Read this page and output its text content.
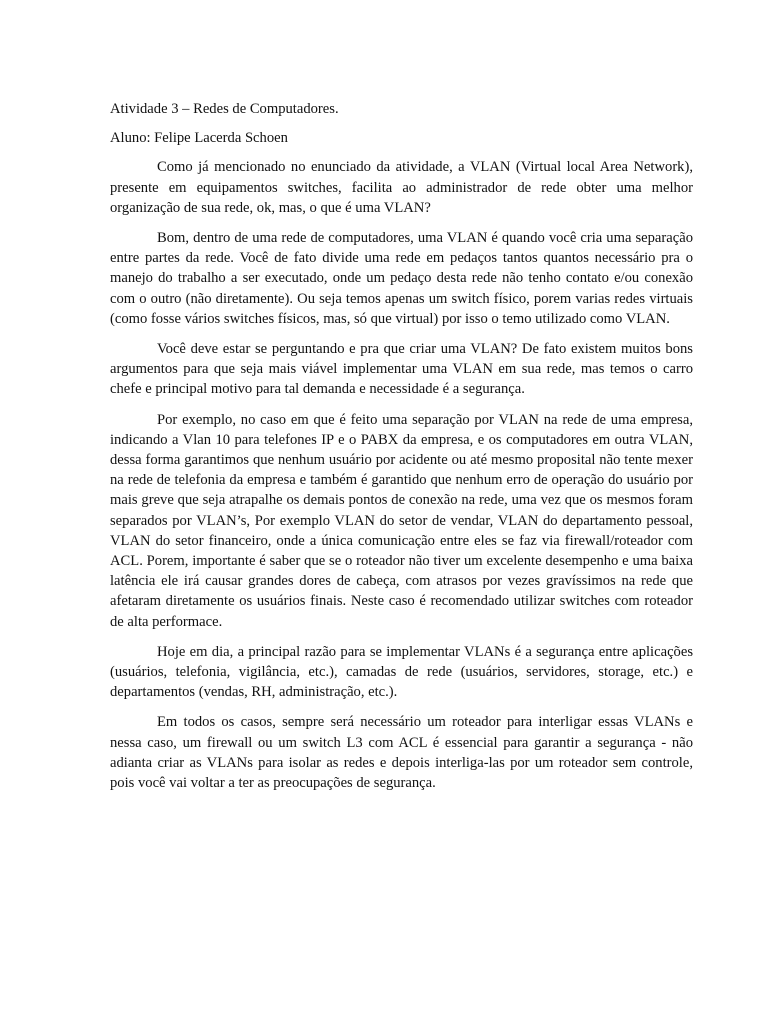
Atividade 3 – Redes de Computadores.
Aluno: Felipe Lacerda Schoen

Como já mencionado no enunciado da atividade, a VLAN (Virtual local Area Network), presente em equipamentos switches, facilita ao administrador de rede obter uma melhor organização de sua rede, ok, mas, o que é uma VLAN?

Bom, dentro de uma rede de computadores, uma VLAN é quando você cria uma separação entre partes da rede. Você de fato divide uma rede em pedaços tantos quantos necessário pra o manejo do trabalho a ser executado, onde um pedaço desta rede não tenho contato e/ou conexão com o outro (não diretamente). Ou seja temos apenas um switch físico, porem varias redes virtuais (como fosse vários switches físicos, mas, só que virtual) por isso o temo utilizado como VLAN.

Você deve estar se perguntando e pra que criar uma VLAN? De fato existem muitos bons argumentos para que seja mais viável implementar uma VLAN em sua rede, mas temos o carro chefe e principal motivo para tal demanda e necessidade é a segurança.

Por exemplo, no caso em que é feito uma separação por VLAN na rede de uma empresa, indicando a Vlan 10 para telefones IP e o PABX da empresa, e os computadores em outra VLAN, dessa forma garantimos que nenhum usuário por acidente ou até mesmo proposital não tente mexer na rede de telefonia da empresa e também é garantido que nenhum erro de operação do usuário por mais greve que seja atrapalhe os demais pontos de conexão na rede, uma vez que os mesmos foram separados por VLAN’s, Por exemplo VLAN do setor de vendar, VLAN do departamento pessoal, VLAN do setor financeiro, onde a única comunicação entre eles se faz via firewall/roteador com ACL. Porem, importante é saber que se o roteador não tiver um excelente desempenho e uma baixa latência ele irá causar grandes dores de cabeça, com atrasos por vezes gravíssimos na rede que afetaram diretamente os usuários finais. Neste caso é recomendado utilizar switches com roteador de alta performace.

Hoje em dia, a principal razão para se implementar VLANs é a segurança entre aplicações (usuários, telefonia, vigilância, etc.), camadas de rede (usuários, servidores, storage, etc.) e departamentos (vendas, RH, administração, etc.).

Em todos os casos, sempre será necessário um roteador para interligar essas VLANs e nessa caso, um firewall ou um switch L3 com ACL é essencial para garantir a segurança - não adianta criar as VLANs para isolar as redes e depois interliga-las por um roteador sem controle, pois você vai voltar a ter as preocupações de segurança.
